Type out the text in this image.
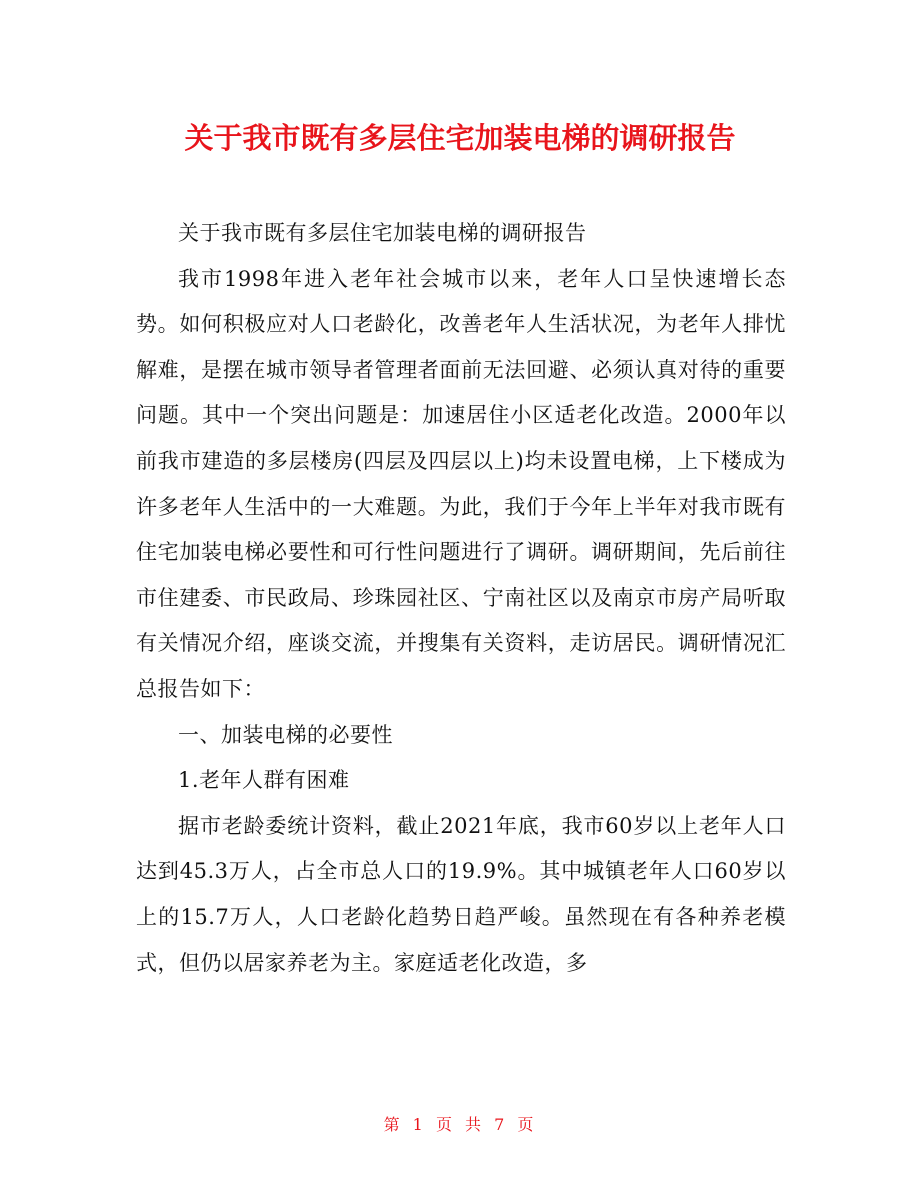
关于我市既有多层住宅加装电梯的调研报告

关于我市既有多层住宅加装电梯的调研报告

我市1998年进入老年社会城市以来，老年人口呈快速增长态势。如何积极应对人口老龄化，改善老年人生活状况，为老年人排忧解难，是摆在城市领导者管理者面前无法回避、必须认真对待的重要问题。其中一个突出问题是：加速居住小区适老化改造。2000年以前我市建造的多层楼房(四层及四层以上)均未设置电梯，上下楼成为许多老年人生活中的一大难题。为此，我们于今年上半年对我市既有住宅加装电梯必要性和可行性问题进行了调研。调研期间，先后前往市住建委、市民政局、珍珠园社区、宁南社区以及南京市房产局听取有关情况介绍，座谈交流，并搜集有关资料，走访居民。调研情况汇总报告如下：

一、加装电梯的必要性

1.老年人群有困难

据市老龄委统计资料，截止2021年底，我市60岁以上老年人口达到45.3万人，占全市总人口的19.9%。其中城镇老年人口60岁以上的15.7万人，人口老龄化趋势日趋严峻。虽然现在有各种养老模式，但仍以居家养老为主。家庭适老化改造，多

第 1 页 共 7 页
